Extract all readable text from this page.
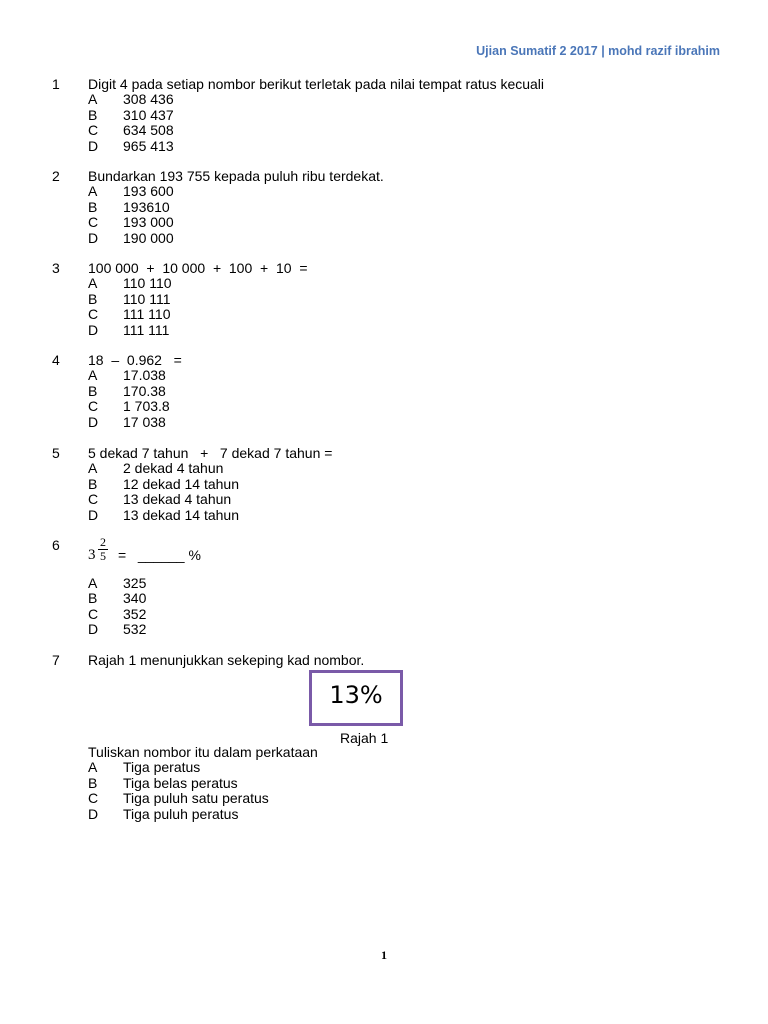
Ujian Sumatif 2 2017 | mohd razif ibrahim
1 Digit 4 pada setiap nombor berikut terletak pada nilai tempat ratus kecuali
A 308 436
B 310 437
C 634 508
D 965 413
2 Bundarkan 193 755 kepada puluh ribu terdekat.
A 193 600
B 193610
C 193 000
D 190 000
3 100 000  +  10 000  +  100  +  10  =
A 110 110
B 110 111
C 111 110
D 111 111
4 18  –  0.962   =
A 17.038
B 170.38
C 1 703.8
D 17 038
5 5 dekad 7 tahun   +   7 dekad 7 tahun =
A 2 dekad 4 tahun
B 12 dekad 14 tahun
C 13 dekad 4 tahun
D 13 dekad 14 tahun
6
$3 \frac{2}{5}$ =   ______ %
A 325
B 340
C 352
D 532
7 Rajah 1 menunjukkan sekeping kad nombor.
13%
Rajah 1
Tuliskan nombor itu dalam perkataan
A Tiga peratus
B Tiga belas peratus
C Tiga puluh satu peratus
D Tiga puluh peratus
1
